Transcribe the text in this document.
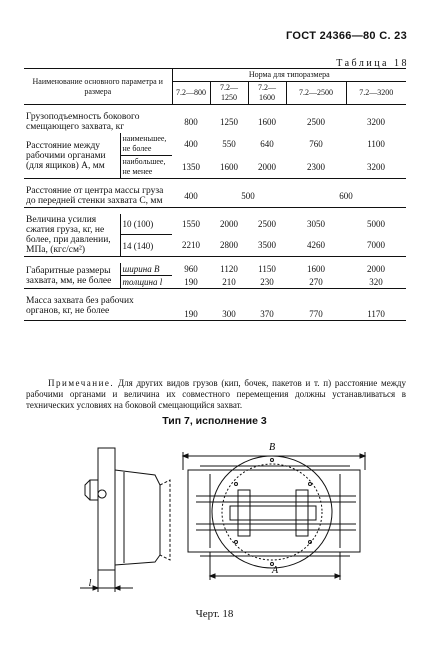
ГОСТ 24366—80 С. 23
Таблица 18
Наименование основного параметра и размера		Норма для типоразмера				
		7.2—800	7.2—1250	7.2—1600	7.2—2500	7.2—3200

Грузоподъемность бокового смещающего захвата, кг		800	1250	1600	2500	3200
Расстояние между рабочими органами (для ящиков) A, мм	наименьшее, не более	400	550	640	760	1100
	наибольшее, не менее	1350	1600	2000	2300	3200

Расстояние от центра массы груза до передней стенки захвата C, мм		400	500		600	

Величина усилия сжатия груза, кг, не более, при давлении, МПа, (кгс/см²)	10 (100)	1550	2000	2500	3050	5000
	14 (140)	2210	2800	3500	4260	7000

Габаритные размеры захвата, мм, не более	ширина B	960	1120	1150	1600	2000
	толщина l	190	210	230	270	320

Масса захвата без рабочих органов, кг, не более		190	300	370	770	1170
Примечание. Для других видов грузов (кип, бочек, пакетов и т. п) расстояние между рабочими органами и величина их совместного перемещения должны устанавливаться в технических условиях на боковой смещающийся захват.
Тип 7, исполнение 3
B
A
l
Черт. 18
